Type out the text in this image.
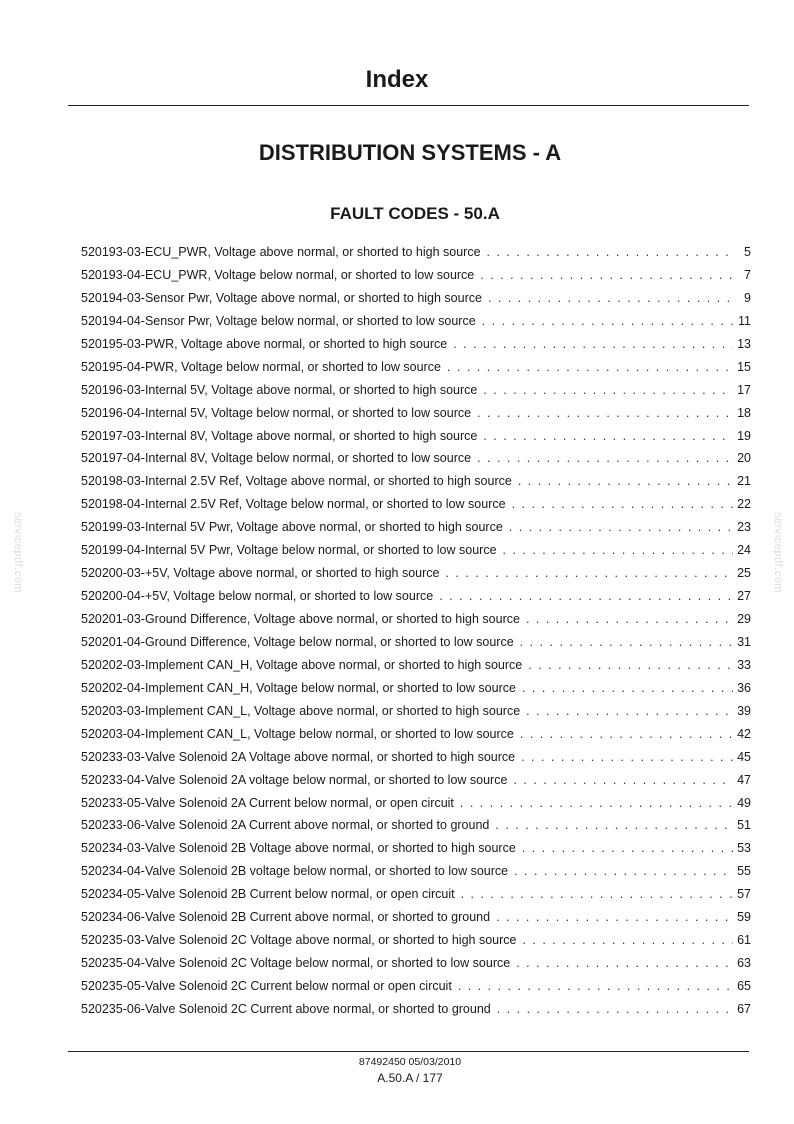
Index
DISTRIBUTION SYSTEMS - A
FAULT CODES - 50.A
520193-03-ECU_PWR, Voltage above normal, or shorted to high source . . .	5
520193-04-ECU_PWR, Voltage below normal, or shorted to low source . . .	7
520194-03-Sensor Pwr, Voltage above normal, or shorted to high source . . .	9
520194-04-Sensor Pwr, Voltage below normal, or shorted to low source . . .	11
520195-03-PWR, Voltage above normal, or shorted to high source . . .	13
520195-04-PWR, Voltage below normal, or shorted to low source . . .	15
520196-03-Internal 5V, Voltage above normal, or shorted to high source . . .	17
520196-04-Internal 5V, Voltage below normal, or shorted to low source . . .	18
520197-03-Internal 8V, Voltage above normal, or shorted to high source . . .	19
520197-04-Internal 8V, Voltage below normal, or shorted to low source . . .	20
520198-03-Internal 2.5V Ref, Voltage above normal, or shorted to high source . . .	21
520198-04-Internal 2.5V Ref, Voltage below normal, or shorted to low source . . .	22
520199-03-Internal 5V Pwr, Voltage above normal, or shorted to high source . . .	23
520199-04-Internal 5V Pwr, Voltage below normal, or shorted to low source . . .	24
520200-03-+5V, Voltage above normal, or shorted to high source . . .	25
520200-04-+5V, Voltage below normal, or shorted to low source . . .	27
520201-03-Ground Difference, Voltage above normal, or shorted to high source . . .	29
520201-04-Ground Difference, Voltage below normal, or shorted to low source . . .	31
520202-03-Implement CAN_H, Voltage above normal, or shorted to high source . . .	33
520202-04-Implement CAN_H, Voltage below normal, or shorted to low source . . .	36
520203-03-Implement CAN_L, Voltage above normal, or shorted to high source . . .	39
520203-04-Implement CAN_L, Voltage below normal, or shorted to low source . . .	42
520233-03-Valve Solenoid 2A Voltage above normal, or shorted to high source . . .	45
520233-04-Valve Solenoid 2A voltage below normal, or shorted to low source . . .	47
520233-05-Valve Solenoid 2A Current below normal, or open circuit . . .	49
520233-06-Valve Solenoid 2A Current above normal, or shorted to ground . . .	51
520234-03-Valve Solenoid 2B Voltage above normal, or shorted to high source . . .	53
520234-04-Valve Solenoid 2B voltage below normal, or shorted to low source . . .	55
520234-05-Valve Solenoid 2B Current below normal, or open circuit . . .	57
520234-06-Valve Solenoid 2B Current above normal, or shorted to ground . . .	59
520235-03-Valve Solenoid 2C Voltage above normal, or shorted to high source . . .	61
520235-04-Valve Solenoid 2C Voltage below normal, or shorted to low source . . .	63
520235-05-Valve Solenoid 2C Current below normal or open circuit . . .	65
520235-06-Valve Solenoid 2C Current above normal, or shorted to ground . . .	67
servicepdf.com	servicepdf.com
87492450 05/03/2010
A.50.A / 177
